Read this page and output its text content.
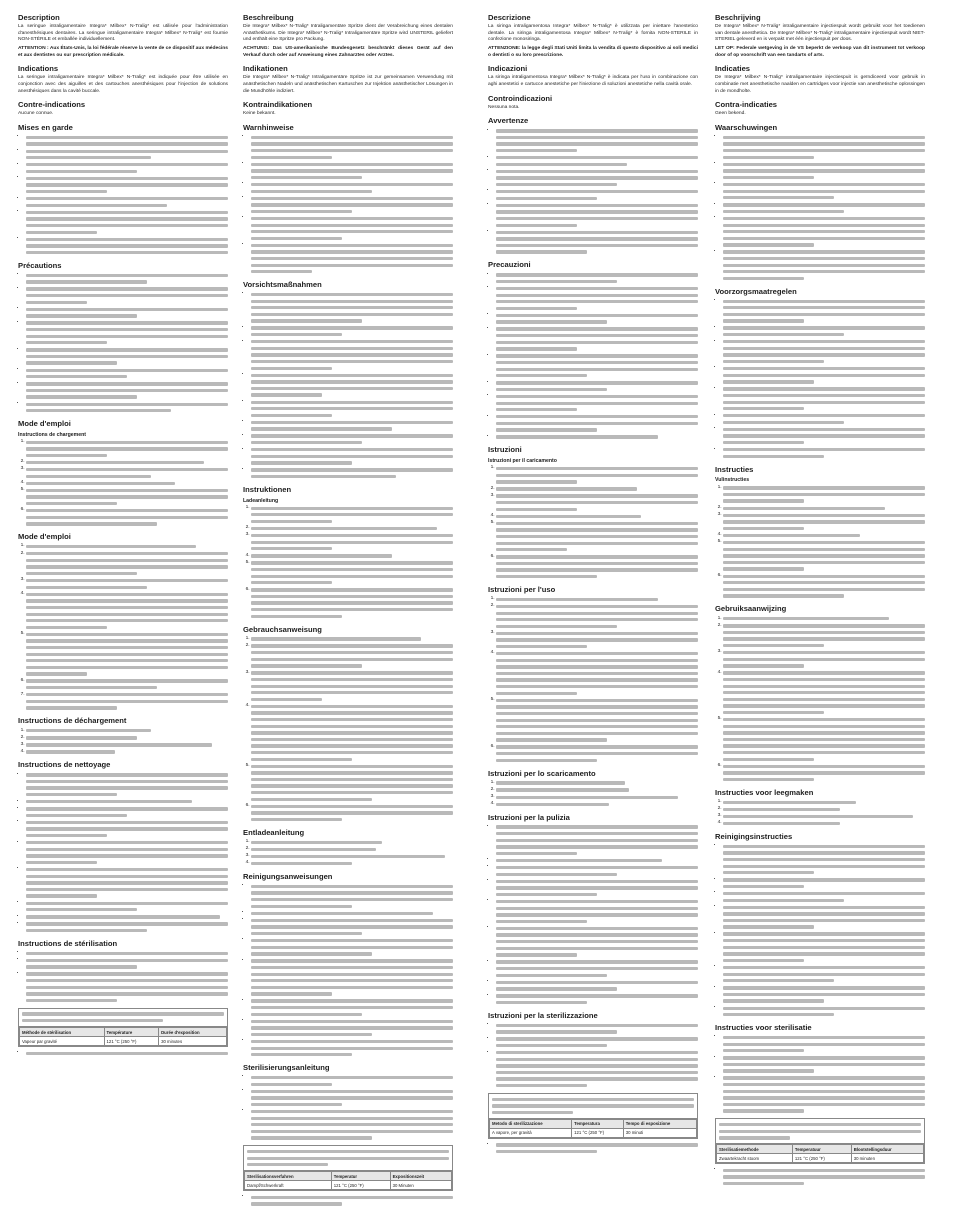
Description

La seringue intraligamentaire Integra* Milbex* N-Tralig* est utilisée pour l'administration d'anesthésiques dentaires. La seringue intraligamentaire Integra* Milbex* N-Tralig* est fournie NON-STÉRILE et emballée individuellement.

ATTENTION : Aux États-Unis, la loi fédérale réserve la vente de ce dispositif aux médecins et aux dentistes ou sur prescription médicale.

Indications

La seringue intraligamentaire Integra* Milbex* N-Tralig* est indiquée pour être utilisée en conjonction avec des aiguilles et des cartouches anesthésiques pour l'injection de solutions anesthésiques dans la cavité buccale.

Contre-indications

Aucune connue.

Mises en garde
•
•
•
•
•
•
•
Précautions
•
•
•
•
•
•
•
•
Mode d'emploi
Instructions de chargement
1.
2.
3.
4.
5.
6.
Mode d'emploi
1.
2.
3.
4.
5.
6.
7.
Instructions de déchargement
1.
2.
3.
4.
Instructions de nettoyage
•
•
•
•
•
•
•
•
•
Instructions de stérilisation
•
•
•
Méthode de stérilisation	Température	Durée d'exposition
Vapeur par gravité	121 °C (250 °F)	30 minutes
•
Beschreibung

Die Integra* Milbex* N-Tralig* Intraligamentäre Spritze dient der Verabreichung eines dentalen Anästhetikums. Die Integra* Milbex* N-Tralig* Intraligamentäre Spritze wird UNSTERIL geliefert und enthält eine Spritze pro Packung.

ACHTUNG: Das US-amerikanische Bundesgesetz beschränkt dieses Gerät auf den Verkauf durch oder auf Anweisung eines Zahnarztes oder Arztes.

Indikationen

Die Integra* Milbex* N-Tralig* Intraligamentäre Spritze ist zur gemeinsamen Verwendung mit anästhetischen Nadeln und anästhetischen Kartuschen zur Injektion anästhetischer Lösungen in die Mundhöhle indiziert.

Kontraindikationen

Keine bekannt.

Warnhinweise
•
•
•
•
•
•
Vorsichtsmaßnahmen
•
•
•
•
•
•
•
•
•
Instruktionen
Ladeanleitung
1.
2.
3.
4.
5.
6.
Gebrauchsanweisung
1.
2.
3.
4.
5.
6.
Entladeanleitung
1.
2.
3.
4.
Reinigungsanweisungen
•
•
•
•
•
•
•
•
Sterilisierungsanleitung
•
•
•
Sterilisationsverfahren	Temperatur	Expositionszeit
Dampf/Schwerkraft	121 °C (250 °F)	30 Minuten
•
Descrizione

La siringa intraligamentosa Integra* Milbex* N-Tralig* è utilizzata per iniettare l'anestetico dentale. La siringa intraligamentosa Integra* Milbex* N-Tralig* è fornita NON-STERILE in confezione monosiringa.

ATTENZIONE: la legge degli Stati Uniti limita la vendita di questo dispositivo ai soli medici o dentisti o su loro prescrizione.

Indicazioni

La siringa intraligamentosa Integra* Milbex* N-Tralig* è indicata per l'uso in combinazione con aghi anestetici e cartucce anestetiche per l'iniezione di soluzioni anestetiche nella cavità orale.

Controindicazioni

Nessuna nota.

Avvertenze
•
•
•
•
•
•
Precauzioni
•
•
•
•
•
•
•
•
•
Istruzioni
Istruzioni per il caricamento
1.
2.
3.
4.
5.
6.
Istruzioni per l'uso
1.
2.
3.
4.
5.
6.
Istruzioni per lo scaricamento
1.
2.
3.
4.
Istruzioni per la pulizia
•
•
•
•
•
•
•
•
•
Istruzioni per la sterilizzazione
•
•
•
Metodo di sterilizzazione	Temperatura	Tempo di esposizione
A vapore, per gravità	121 °C (250 °F)	30 minuti
•
Beschrijving

De Integra* Milbex* N-Tralig* intraligamentaire injectiespuit wordt gebruikt voor het toedienen van dentale anesthetica. De Integra* Milbex* N-Tralig* intraligamentaire injectiespuit wordt NIET-STERIEL geleverd en is verpakt met één injectiespuit per doos.

LET OP: Federale wetgeving in de VS beperkt de verkoop van dit instrument tot verkoop door of op voorschrift van een tandarts of arts.

Indicaties

De Integra* Milbex* N-Tralig* intraligamentaire injectiespuit is geïndiceerd voor gebruik in combinatie met anesthetische naalden en cartridges voor injectie van anesthetische oplossingen in de mondholte.

Contra-indicaties

Geen bekend.

Waarschuwingen
•
•
•
•
•
•
Voorzorgsmaatregelen
•
•
•
•
•
•
•
•
Instructies
Vulinstructies
1.
2.
3.
4.
5.
6.
Gebruiksaanwijzing
1.
2.
3.
4.
5.
6.
Instructies voor leegmaken
1.
2.
3.
4.
Reinigingsinstructies
•
•
•
•
•
•
•
•
Instructies voor sterilisatie
•
•
•
Sterilisatiemethode	Temperatuur	Blootstellingsduur
Zwaartekracht stoom	121 °C (250 °F)	30 minuten
•
